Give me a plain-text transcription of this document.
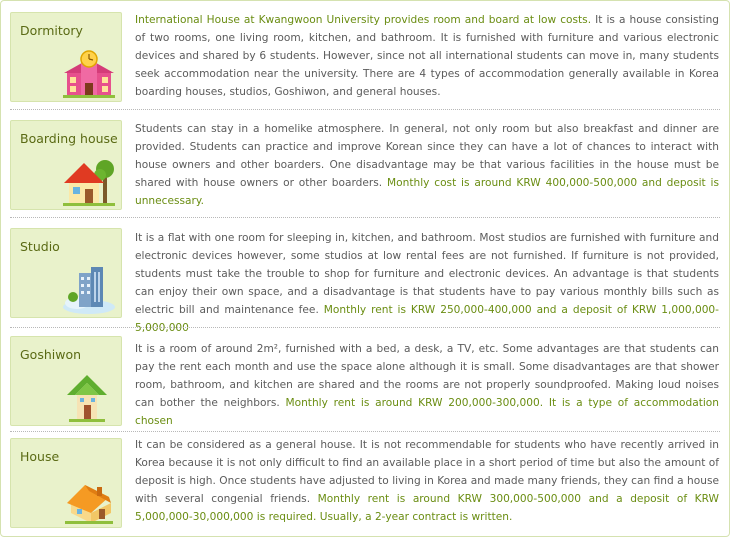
Dormitory

International House at Kwangwoon University provides room and board at low costs. It is a house consisting of two rooms, one living room, kitchen, and bathroom. It is furnished with furniture and various electronic devices and shared by 6 students. However, since not all international students can move in, many students seek accommodation near the university. There are 4 types of accommodation generally available in Korea boarding houses, studios, Goshiwon, and general houses.

Boarding house

Students can stay in a homelike atmosphere. In general, not only room but also breakfast and dinner are provided. Students can practice and improve Korean since they can have a lot of chances to interact with house owners and other boarders. One disadvantage may be that various facilities in the house must be shared with house owners or other boarders. Monthly cost is around KRW 400,000-500,000 and deposit is unnecessary.

Studio

It is a flat with one room for sleeping in, kitchen, and bathroom. Most studios are furnished with furniture and electronic devices however, some studios at low rental fees are not furnished. If furniture is not provided, students must take the trouble to shop for furniture and electronic devices. An advantage is that students can enjoy their own space, and a disadvantage is that students have to pay various monthly bills such as electric bill and maintenance fee. Monthly rent is KRW 250,000-400,000 and a deposit of KRW 1,000,000-5,000,000

Goshiwon	It is a room of around 2m², furnished with a bed, a desk, a TV, etc. Some advantages are that students can pay the rent each month and use the space alone although it is small. Some disadvantages are that shower room, bathroom, and kitchen are shared and the rooms are not properly soundproofed. Making loud noises can bother the neighbors. Monthly rent is around KRW 200,000-300,000. It is a type of accommodation chosen

House

It can be considered as a general house. It is not recommendable for students who have recently arrived in Korea because it is not only difficult to find an available place in a short period of time but also the amount of deposit is high. Once students have adjusted to living in Korea and made many friends, they can find a house with several congenial friends. Monthly rent is around KRW 300,000-500,000 and a deposit of KRW 5,000,000-30,000,000 is required. Usually, a 2-year contract is written.
